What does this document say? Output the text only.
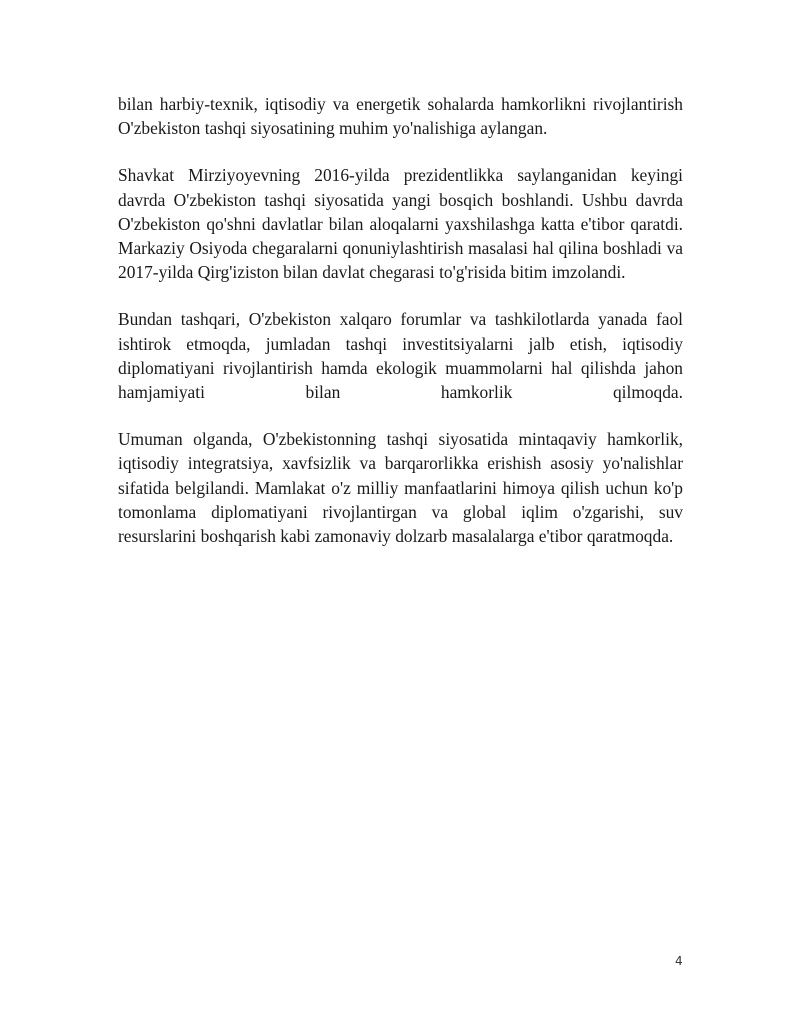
bilan harbiy-texnik, iqtisodiy va energetik sohalarda hamkorlikni rivojlantirish O'zbekiston tashqi siyosatining muhim yo'nalishiga aylangan.

Shavkat Mirziyoyevning 2016-yilda prezidentlikka saylanganidan keyingi davrda O'zbekiston tashqi siyosatida yangi bosqich boshlandi. Ushbu davrda O'zbekiston qo'shni davlatlar bilan aloqalarni yaxshilashga katta e'tibor qaratdi. Markaziy Osiyoda chegaralarni qonuniylashtirish masalasi hal qilina boshladi va 2017-yilda Qirg'iziston bilan davlat chegarasi to'g'risida bitim imzolandi.

Bundan tashqari, O'zbekiston xalqaro forumlar va tashkilotlarda yanada faol ishtirok etmoqda, jumladan tashqi investitsiyalarni jalb etish, iqtisodiy diplomatiyani rivojlantirish hamda ekologik muammolarni hal qilishda jahon hamjamiyati bilan hamkorlik qilmoqda.

Umuman olganda, O'zbekistonning tashqi siyosatida mintaqaviy hamkorlik, iqtisodiy integratsiya, xavfsizlik va barqarorlikka erishish asosiy yo'nalishlar sifatida belgilandi. Mamlakat o'z milliy manfaatlarini himoya qilish uchun ko'p tomonlama diplomatiyani rivojlantirgan va global iqlim o'zgarishi, suv resurslarini boshqarish kabi zamonaviy dolzarb masalalarga e'tibor qaratmoqda.

4
